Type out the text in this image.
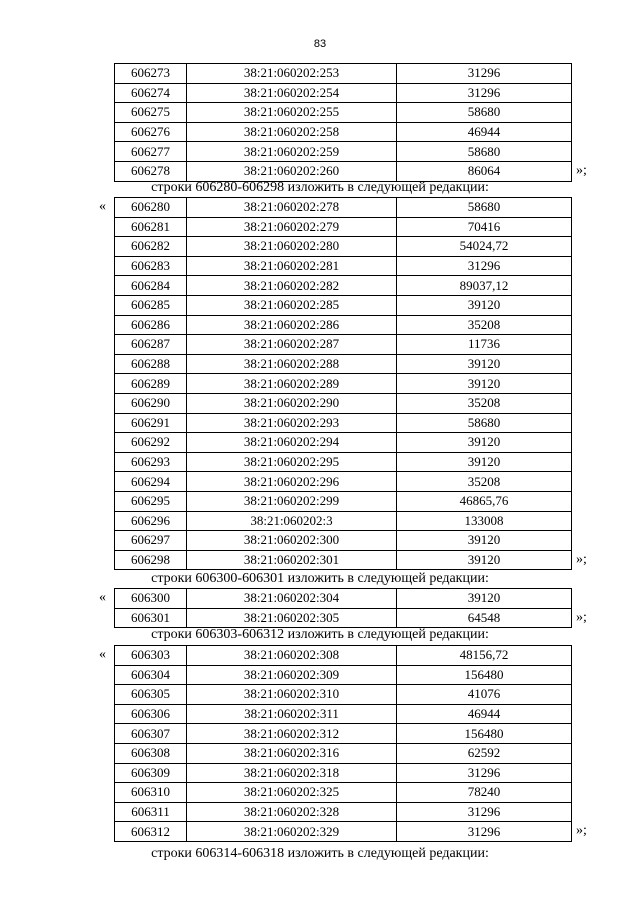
83
606273	38:21:060202:253	31296
606274	38:21:060202:254	31296
606275	38:21:060202:255	58680
606276	38:21:060202:258	46944
606277	38:21:060202:259	58680
606278	38:21:060202:260	86064	»;
строки 606280-606298 изложить в следующей редакции:
606280	38:21:060202:278	58680
606281	38:21:060202:279	70416
606282	38:21:060202:280	54024,72
606283	38:21:060202:281	31296
606284	38:21:060202:282	89037,12
606285	38:21:060202:285	39120
606286	38:21:060202:286	35208
606287	38:21:060202:287	11736
606288	38:21:060202:288	39120
606289	38:21:060202:289	39120
606290	38:21:060202:290	35208
606291	38:21:060202:293	58680
606292	38:21:060202:294	39120
606293	38:21:060202:295	39120
606294	38:21:060202:296	35208
606295	38:21:060202:299	46865,76
606296	38:21:060202:3	133008
606297	38:21:060202:300	39120
606298	38:21:060202:301	39120
«
»;
строки 606300-606301 изложить в следующей редакции:
606300	38:21:060202:304	39120
606301	38:21:060202:305	64548
«
»;
строки 606303-606312 изложить в следующей редакции:
606303	38:21:060202:308	48156,72
606304	38:21:060202:309	156480
606305	38:21:060202:310	41076
606306	38:21:060202:311	46944
606307	38:21:060202:312	156480
606308	38:21:060202:316	62592
606309	38:21:060202:318	31296
606310	38:21:060202:325	78240
606311	38:21:060202:328	31296
606312	38:21:060202:329	31296
«
»;
строки 606314-606318 изложить в следующей редакции:
